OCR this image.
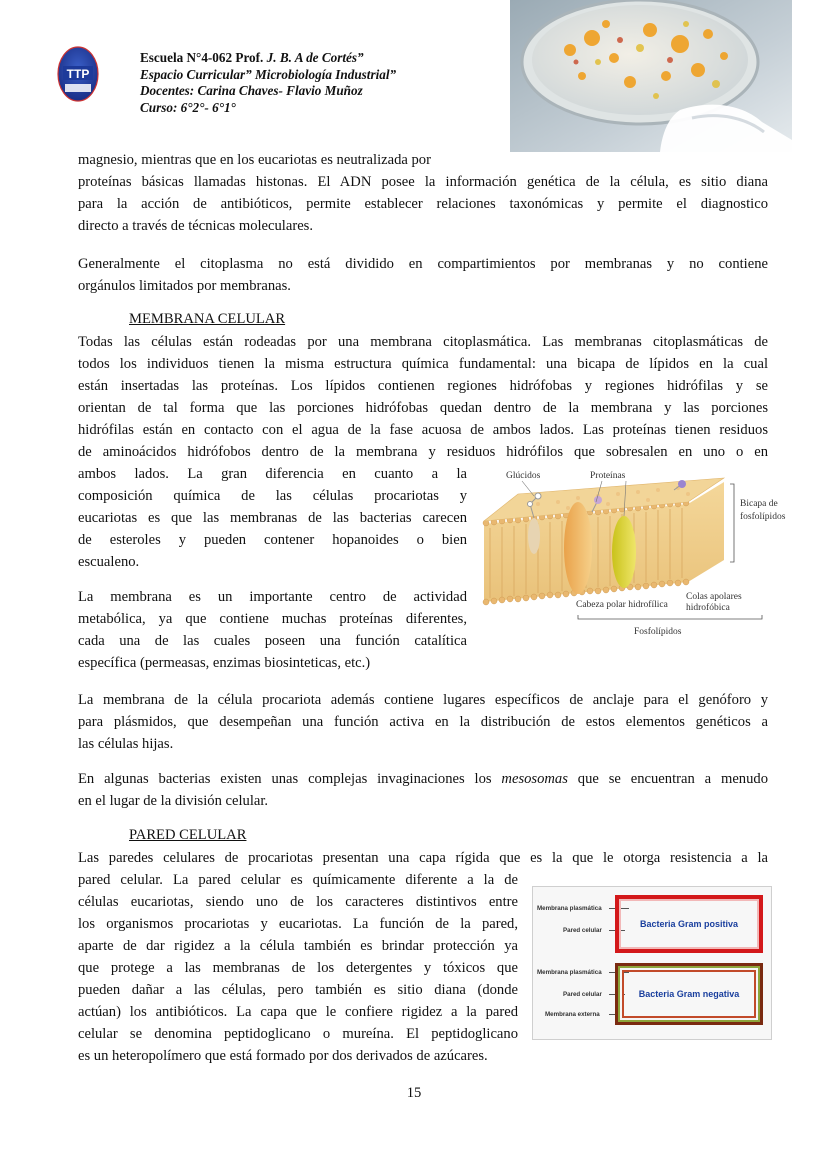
TTP
Escuela N°4-062 Prof. J. B. A de Cortés”
Espacio Curricular” Microbiología Industrial”
Docentes: Carina Chaves- Flavio Muñoz
Curso: 6°2°- 6°1°
magnesio, mientras que en los eucariotas es neutralizada por
proteínas básicas llamadas histonas. El ADN posee la información genética de la célula, es sitio diana
para la acción de antibióticos, permite establecer relaciones taxonómicas y permite el diagnostico
directo a través de técnicas moleculares.
Generalmente el citoplasma no está dividido en compartimientos por membranas y no contiene
orgánulos limitados por membranas.
MEMBRANA CELULAR
Todas las células están rodeadas por una membrana citoplasmática. Las membranas citoplasmáticas de
todos los individuos tienen la misma estructura química fundamental: una bicapa de lípidos en la cual
están insertadas las proteínas. Los lípidos contienen regiones hidrófobas y regiones hidrófilas y se
orientan de tal forma que las porciones hidrófobas quedan dentro de la membrana y las porciones
hidrófilas están en contacto con el agua de la fase acuosa de ambos lados. Las proteínas tienen residuos
de aminoácidos hidrófobos dentro de la membrana y residuos hidrófilos que sobresalen en uno o en
ambos lados. La gran diferencia en cuanto a la
composición química de las células procariotas y
eucariotas es que las membranas de las bacterias carecen
de esteroles y pueden contener hopanoides o bien
escualeno.
La membrana es un importante centro de actividad
metabólica, ya que contiene muchas proteínas diferentes,
cada una de las cuales poseen una función catalítica
específica (permeasas, enzimas biosinteticas, etc.)
Glúcidos	Proteínas
Bicapa de
fosfolípidos
Cabeza polar hidrofílica
Colas apolares
hidrofóbica
Fosfolípidos
La membrana de la célula procariota además contiene lugares específicos de anclaje para el genóforo y
para plásmidos, que desempeñan una función activa en la distribución de estos elementos genéticos a
las células hijas.
En algunas bacterias existen unas complejas invaginaciones los mesosomas que se encuentran a menudo
en el lugar de la división celular.
PARED CELULAR
Las paredes celulares de procariotas presentan una capa rígida que es la que le otorga resistencia a la
pared celular. La pared celular es químicamente diferente a la de
células eucariotas, siendo uno de los caracteres distintivos entre
los organismos procariotas y eucariotas. La función de la pared,
aparte de dar rigidez a la célula también es brindar protección ya
que protege a las membranas de los detergentes y tóxicos que
pueden dañar a las células, pero también es sitio diana (donde
actúan) los antibióticos. La capa que le confiere rigidez a la pared
celular se denomina peptidoglicano o mureína. El peptidoglicano
es un heteropolímero que está formado por dos derivados de azúcares.
Membrana plasmática
Pared celular
Bacteria Gram positiva
Membrana plasmática
Pared celular
Membrana externa
Bacteria Gram negativa
15
